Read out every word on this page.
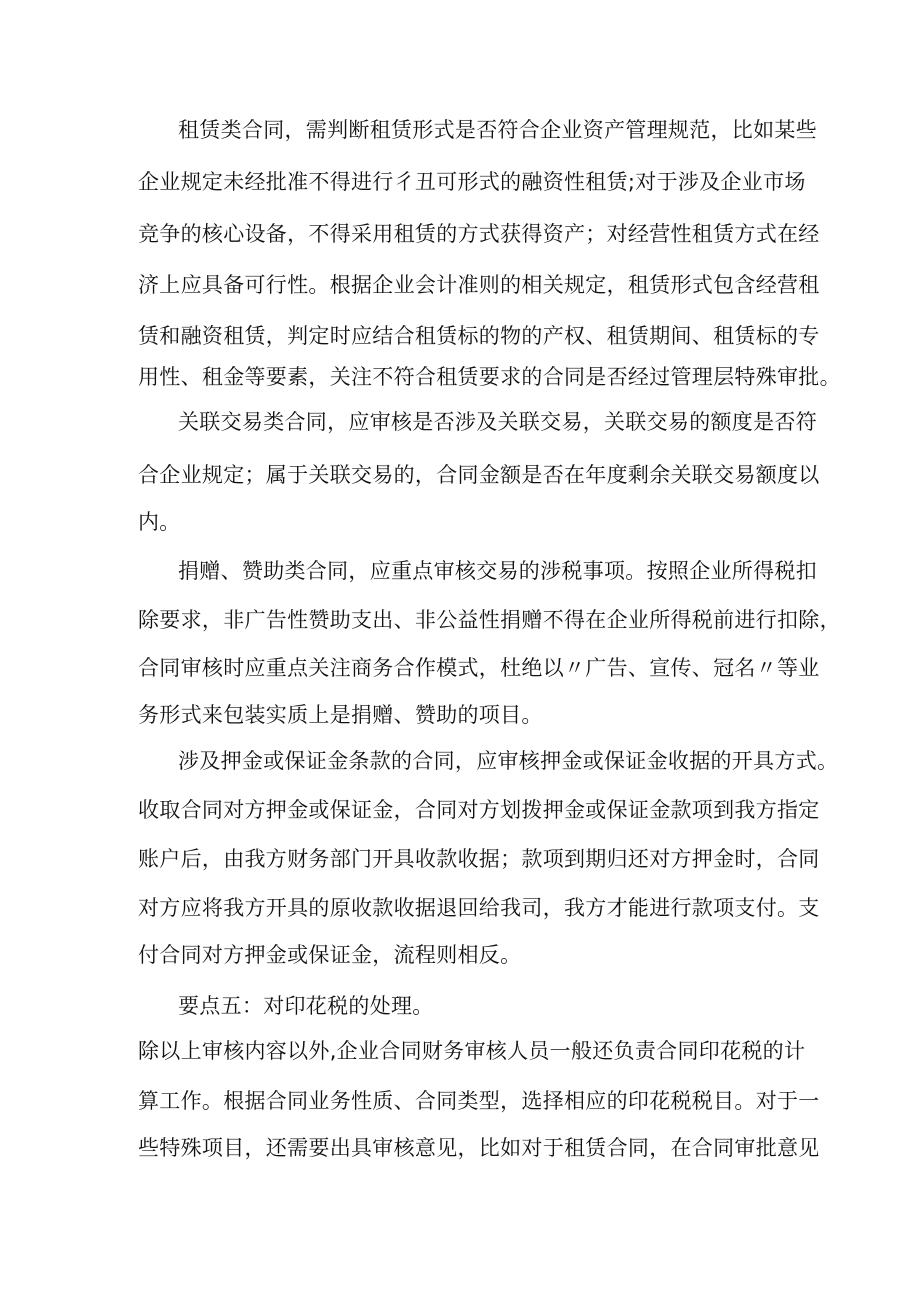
租赁类合同，需判断租赁形式是否符合企业资产管理规范，比如某些

企业规定未经批准不得进行彳丑可形式的融资性租赁;对于涉及企业市场

竞争的核心设备，不得采用租赁的方式获得资产；对经营性租赁方式在经

济上应具备可行性。根据企业会计准则的相关规定，租赁形式包含经营租

赁和融资租赁，判定时应结合租赁标的物的产权、租赁期间、租赁标的专

用性、租金等要素，关注不符合租赁要求的合同是否经过管理层特殊审批。

关联交易类合同，应审核是否涉及关联交易，关联交易的额度是否符

合企业规定；属于关联交易的，合同金额是否在年度剩余关联交易额度以

内。

捐赠、赞助类合同，应重点审核交易的涉税事项。按照企业所得税扣

除要求，非广告性赞助支出、非公益性捐赠不得在企业所得税前进行扣除，

合同审核时应重点关注商务合作模式，杜绝以〃广告、宣传、冠名〃等业

务形式来包装实质上是捐赠、赞助的项目。

涉及押金或保证金条款的合同，应审核押金或保证金收据的开具方式。

收取合同对方押金或保证金，合同对方划拨押金或保证金款项到我方指定

账户后，由我方财务部门开具收款收据；款项到期归还对方押金时，合同

对方应将我方开具的原收款收据退回给我司，我方才能进行款项支付。支

付合同对方押金或保证金，流程则相反。

要点五：对印花税的处理。

除以上审核内容以外,企业合同财务审核人员一般还负责合同印花税的计

算工作。根据合同业务性质、合同类型，选择相应的印花税税目。对于一

些特殊项目，还需要出具审核意见，比如对于租赁合同，在合同审批意见
